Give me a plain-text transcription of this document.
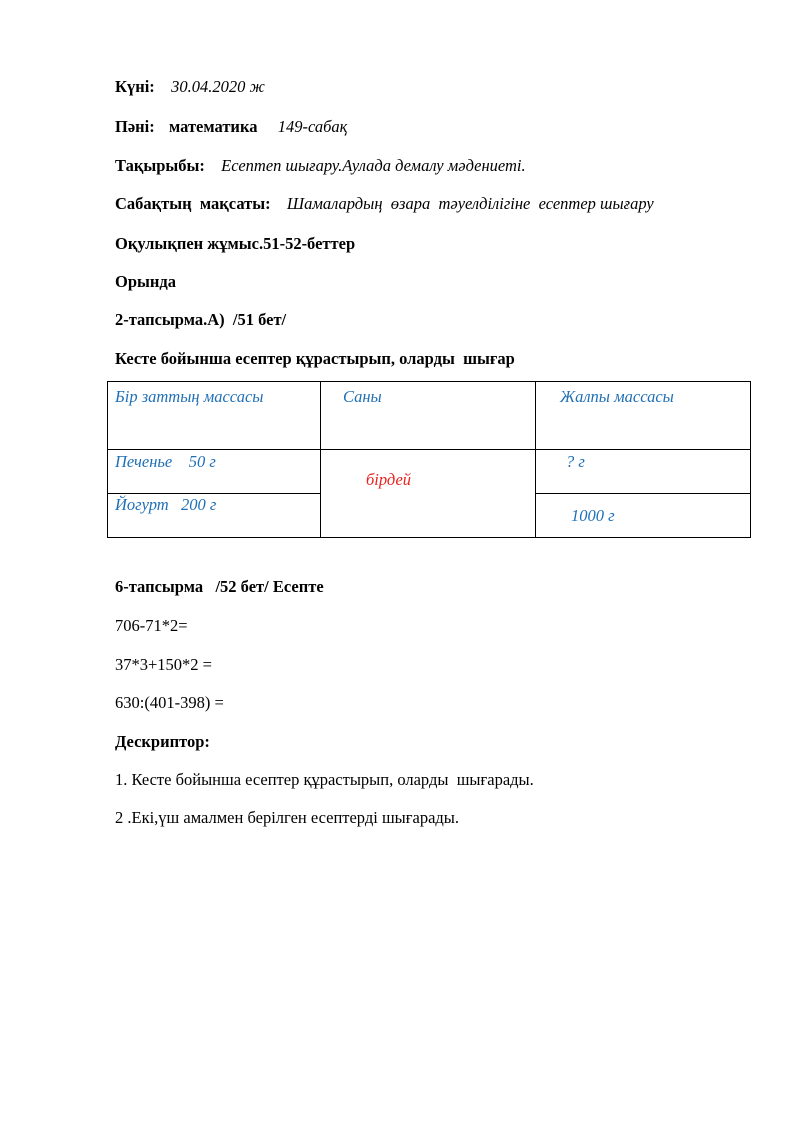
Күні: 30.04.2020 ж
Пәні: математика 149-сабақ
Тақырыбы: Есептеп шығару.Аулада демалу мәдениеті.
Сабақтың  мақсаты: Шамалардың  өзара  тәуелділігіне  есептер шығару
Оқулықпен жұмыс.51-52-беттер
Орында
2-тапсырма.А)  /51 бет/
Кесте бойынша есептер құрастырып, оларды  шығар
Бір заттың массасы	Саны	Жалпы массасы

Печенье    50 г	бірдей	? г

Йогурт   200 г		1000 г
6-тапсырма   /52 бет/ Есепте
706-71*2=
37*3+150*2 =
630:(401-398) =
Дескриптор:
1. Кесте бойынша есептер құрастырып, оларды  шығарады.
2 .Екі,үш амалмен берілген есептерді шығарады.
